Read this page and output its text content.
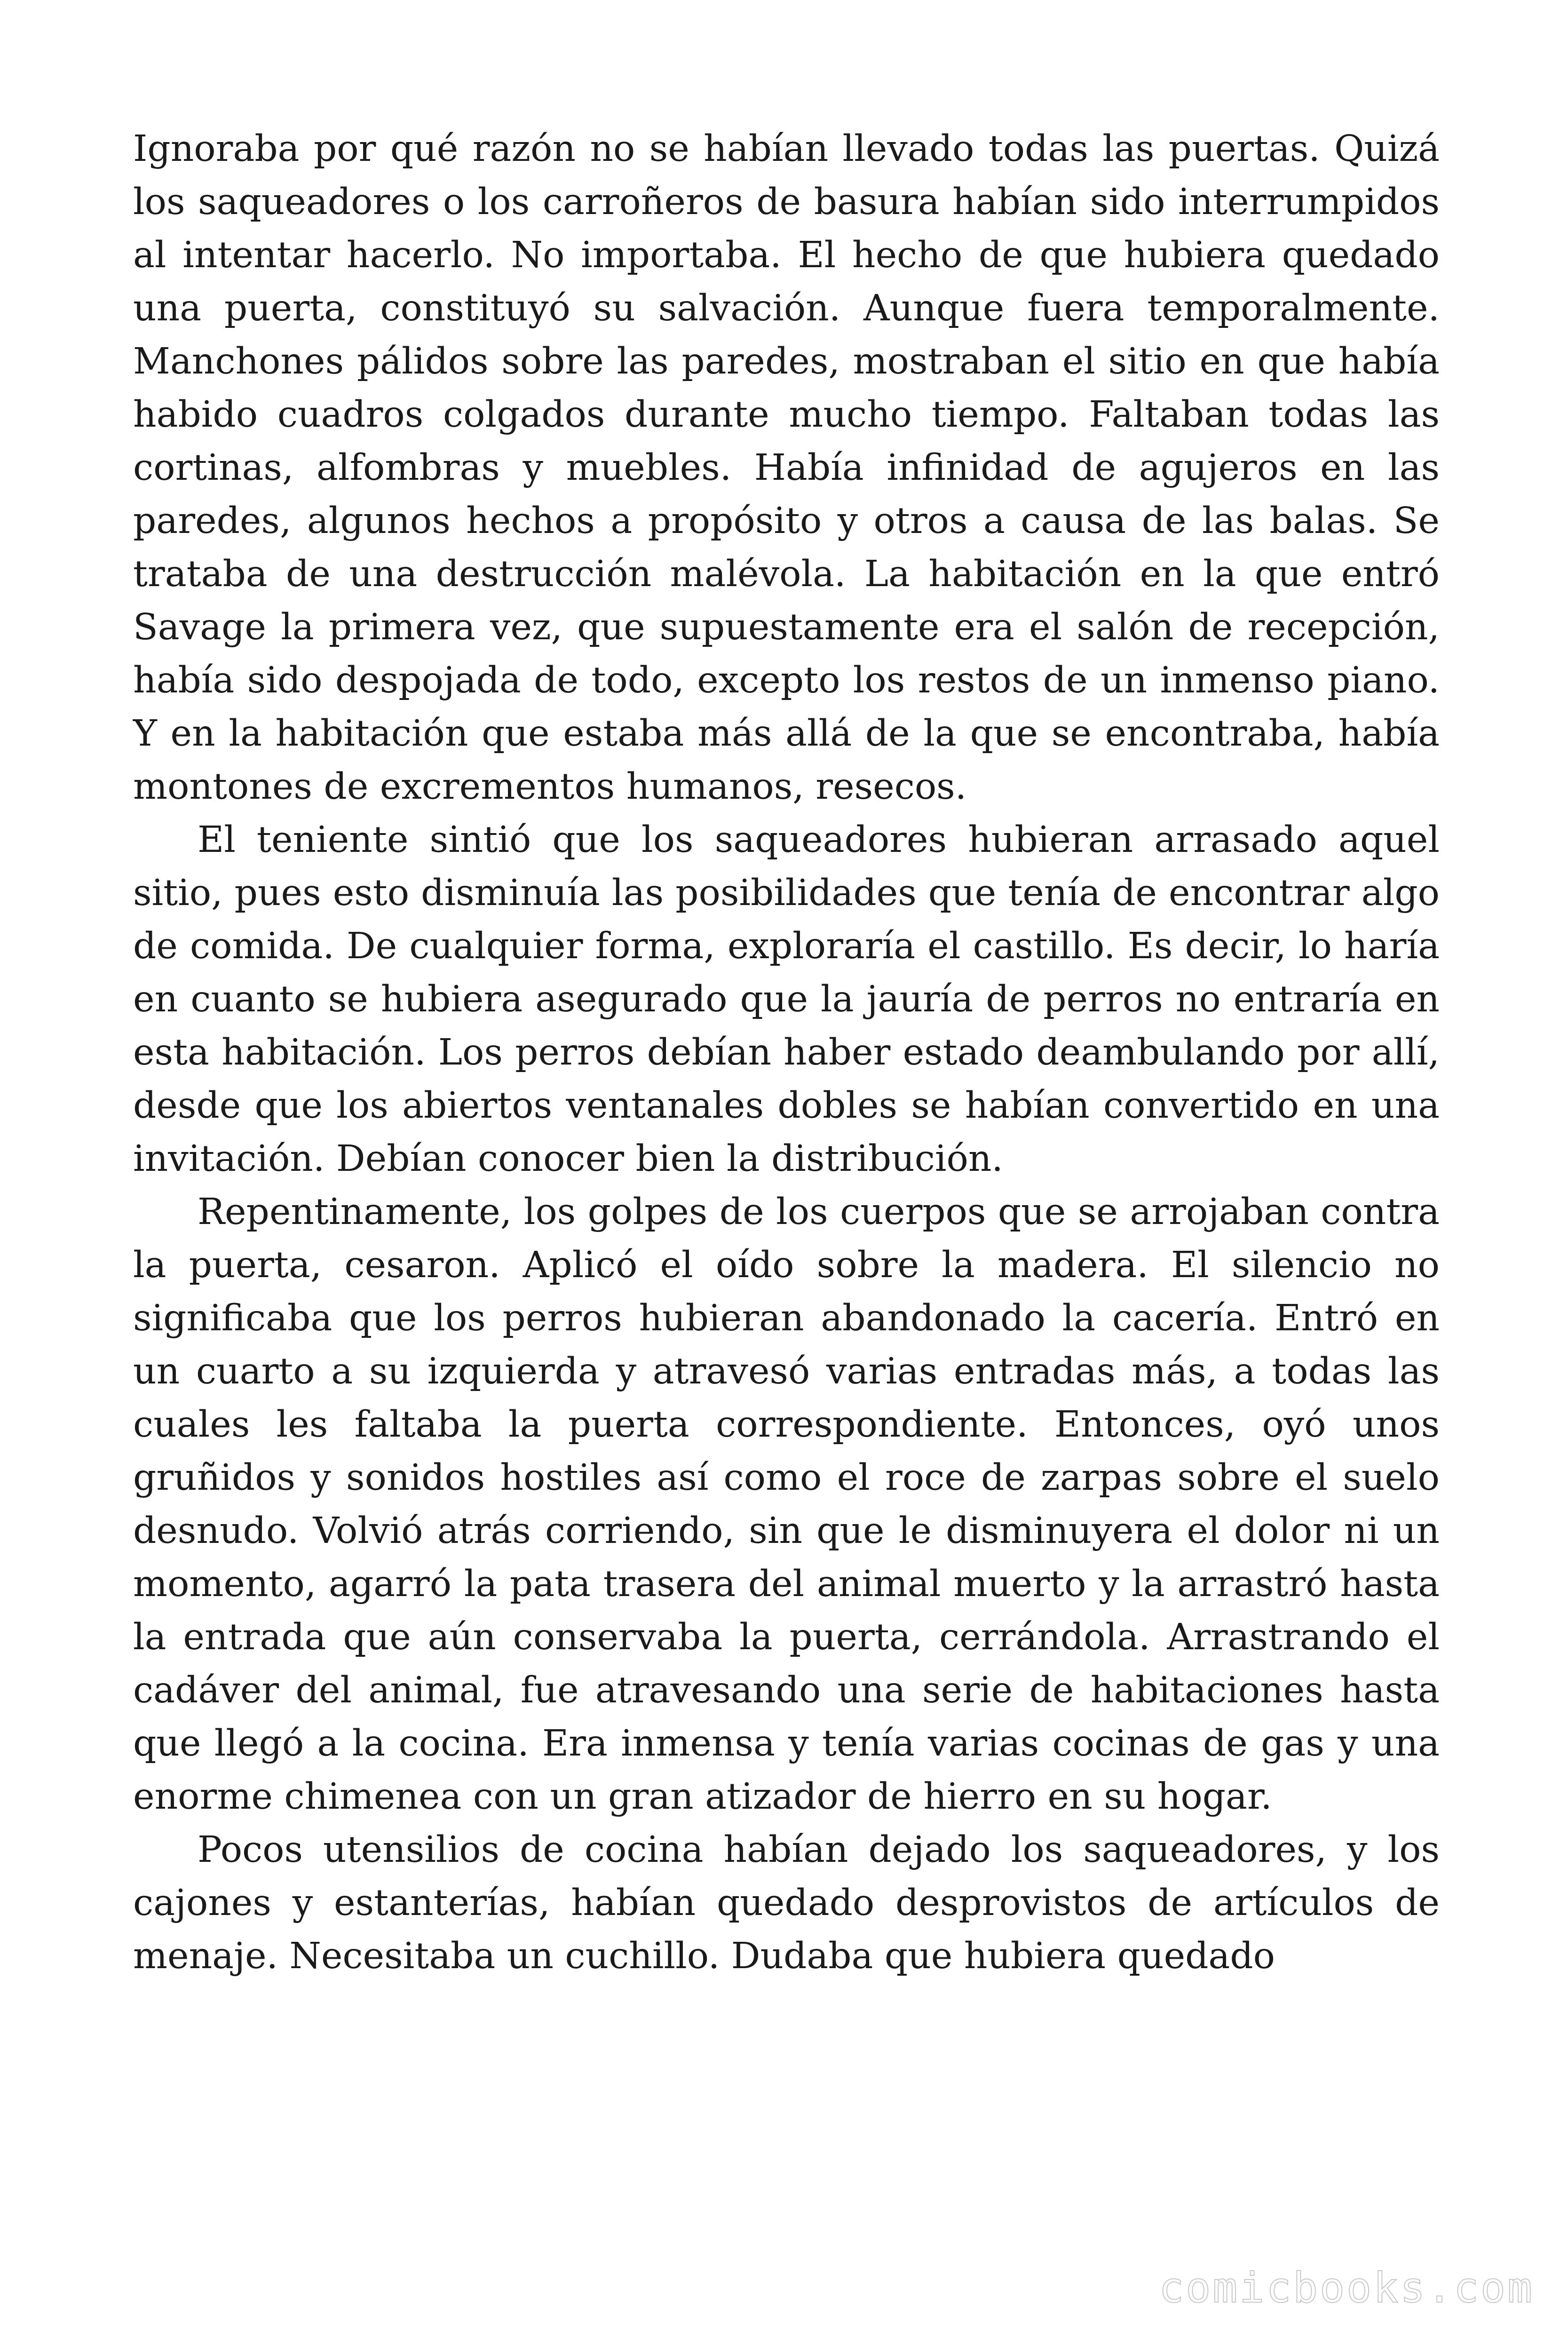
Ignoraba por qué razón no se habían llevado todas las puertas. Quizá los saqueadores o los carroñeros de basura habían sido interrumpidos al intentar hacerlo. No importaba. El hecho de que hubiera quedado una puerta, constituyó su salvación. Aunque fuera temporalmente. Manchones pálidos sobre las paredes, mostraban el sitio en que había habido cuadros colgados durante mucho tiempo. Faltaban todas las cortinas, alfombras y muebles. Había infinidad de agujeros en las paredes, algunos hechos a propósito y otros a causa de las balas. Se trataba de una destrucción malévola. La habitación en la que entró Savage la primera vez, que supuestamente era el salón de recepción, había sido despojada de todo, excepto los restos de un inmenso piano. Y en la habitación que estaba más allá de la que se encontraba, había montones de excrementos humanos, resecos.

El teniente sintió que los saqueadores hubieran arrasado aquel sitio, pues esto disminuía las posibilidades que tenía de encontrar algo de comida. De cualquier forma, exploraría el castillo. Es decir, lo haría en cuanto se hubiera asegurado que la jauría de perros no entraría en esta habitación. Los perros debían haber estado deambulando por allí, desde que los abiertos ventanales dobles se habían convertido en una invitación. Debían conocer bien la distribución.

Repentinamente, los golpes de los cuerpos que se arrojaban contra la puerta, cesaron. Aplicó el oído sobre la madera. El silencio no significaba que los perros hubieran abandonado la cacería. Entró en un cuarto a su izquierda y atravesó varias entradas más, a todas las cuales les faltaba la puerta correspondiente. Entonces, oyó unos gruñidos y sonidos hostiles así como el roce de zarpas sobre el suelo desnudo. Volvió atrás corriendo, sin que le disminuyera el dolor ni un momento, agarró la pata trasera del animal muerto y la arrastró hasta la entrada que aún conservaba la puerta, cerrándola. Arrastrando el cadáver del animal, fue atravesando una serie de habitaciones hasta que llegó a la cocina. Era inmensa y tenía varias cocinas de gas y una enorme chimenea con un gran atizador de hierro en su hogar.

Pocos utensilios de cocina habían dejado los saqueadores, y los cajones y estanterías, habían quedado desprovistos de artículos de menaje. Necesitaba un cuchillo. Dudaba que hubiera quedado

comicbooks.com
